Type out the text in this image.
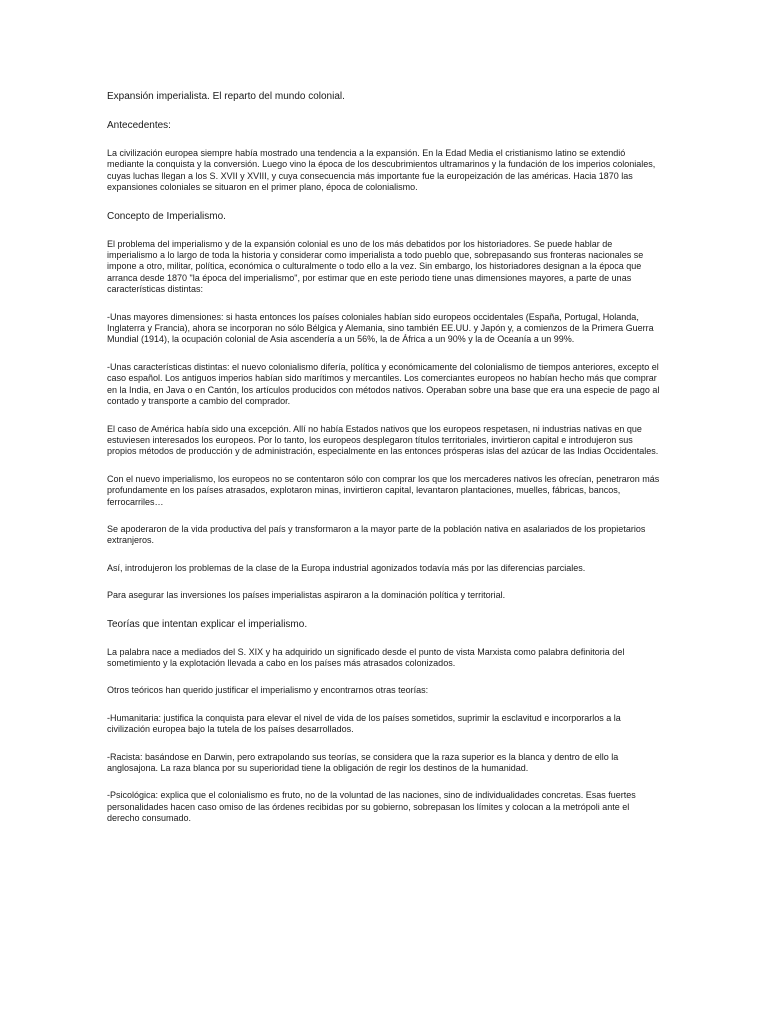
Expansión imperialista. El reparto del mundo colonial.
Antecedentes:
La civilización europea siempre había mostrado una tendencia a la expansión. En la Edad Media el cristianismo latino se extendió mediante la conquista y la conversión. Luego vino la época de los descubrimientos ultramarinos y la fundación de los imperios coloniales, cuyas luchas llegan a los S. XVII y XVIII, y cuya consecuencia más importante fue la europeización de las américas. Hacia 1870 las expansiones coloniales se situaron en el primer plano, época de colonialismo.
Concepto de Imperialismo.
El problema del imperialismo y de la expansión colonial es uno de los más debatidos por los historiadores. Se puede hablar de imperialismo a lo largo de toda la historia y considerar como imperialista a todo pueblo que, sobrepasando sus fronteras nacionales se impone a otro, militar, política, económica o culturalmente o todo ello a la vez. Sin embargo, los historiadores designan a la época que arranca desde 1870 "la época del imperialismo", por estimar que en este periodo tiene unas dimensiones mayores, a parte de unas características distintas:
-Unas mayores dimensiones: si hasta entonces los países coloniales habían sido europeos occidentales (España, Portugal, Holanda, Inglaterra y Francia), ahora se incorporan no sólo Bélgica y Alemania, sino también EE.UU. y Japón y, a comienzos de la Primera Guerra Mundial (1914), la ocupación colonial de Asia ascendería a un 56%, la de África a un 90% y la de Oceanía a un 99%.
-Unas características distintas: el nuevo colonialismo difería, política y económicamente del colonialismo de tiempos anteriores, excepto el caso español. Los antiguos imperios habían sido marítimos y mercantiles. Los comerciantes europeos no habían hecho más que comprar en la India, en Java o en Cantón, los artículos producidos con métodos nativos. Operaban sobre una base que era una especie de pago al contado y transporte a cambio del comprador.
El caso de América había sido una excepción. Allí no había Estados nativos que los europeos respetasen, ni industrias nativas en que estuviesen interesados los europeos. Por lo tanto, los europeos desplegaron títulos territoriales, invirtieron capital e introdujeron sus propios métodos de producción y de administración, especialmente en las entonces prósperas islas del azúcar de las Indias Occidentales.
Con el nuevo imperialismo, los europeos no se contentaron sólo con comprar los que los mercaderes nativos les ofrecían, penetraron más profundamente en los países atrasados, explotaron minas, invirtieron capital, levantaron plantaciones, muelles, fábricas, bancos, ferrocarriles…
Se apoderaron de la vida productiva del país y transformaron a la mayor parte de la población nativa en asalariados de los propietarios extranjeros.
Así, introdujeron los problemas de la clase de la Europa industrial agonizados todavía más por las diferencias parciales.
Para asegurar las inversiones los países imperialistas aspiraron a la dominación política y territorial.
Teorías que intentan explicar el imperialismo.
La palabra nace a mediados del S. XIX y ha adquirido un significado desde el punto de vista Marxista como palabra definitoria del sometimiento y la explotación llevada a cabo en los países más atrasados colonizados.
Otros teóricos han querido justificar el imperialismo y encontrarnos otras teorías:
-Humanitaria: justifica la conquista para elevar el nivel de vida de los países sometidos, suprimir la esclavitud e incorporarlos a la civilización europea bajo la tutela de los países desarrollados.
-Racista: basándose en Darwin, pero extrapolando sus teorías, se considera que la raza superior es la blanca y dentro de ello la anglosajona. La raza blanca por su superioridad tiene la obligación de regir los destinos de la humanidad.
-Psicológica: explica que el colonialismo es fruto, no de la voluntad de las naciones, sino de individualidades concretas. Esas fuertes personalidades hacen caso omiso de las órdenes recibidas por su gobierno, sobrepasan los límites y colocan a la metrópoli ante el derecho consumado.
